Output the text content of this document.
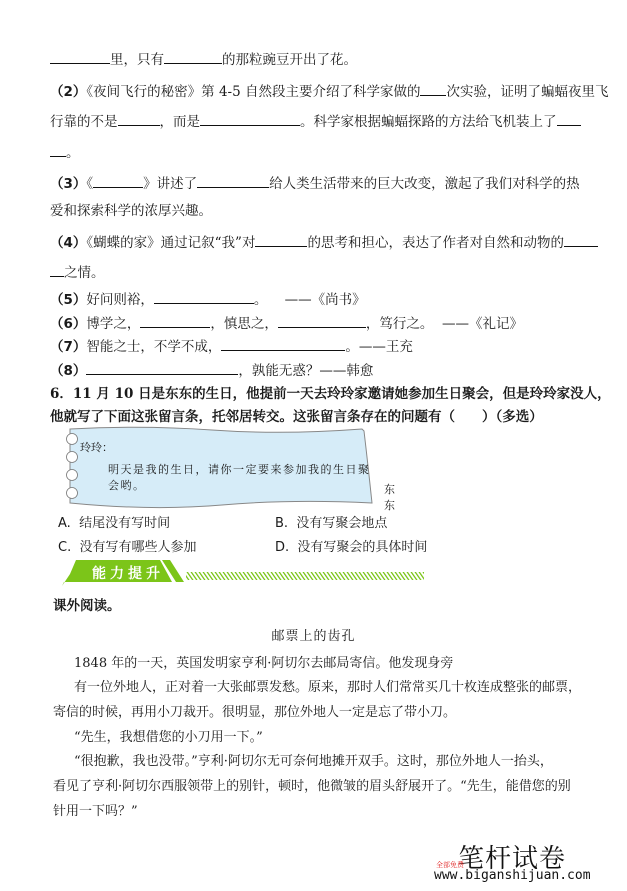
里，只有	的那粒豌豆开出了花。
（2）《夜间飞行的秘密》第 4-5 自然段主要介绍了科学家做的 次实验，证明了蝙蝠夜里飞
行靠的不是	，而是	。科学家根据蝙蝠探路的方法给飞机装上了
。
（3）《	》讲述了	给人类生活带来的巨大改变，激起了我们对科学的热
爱和探索科学的浓厚兴趣。
（4）《蝴蝶的家》通过记叙“我”对	的思考和担心，表达了作者对自然和动物的
之情。
（5）好问则裕，	。 ——《尚书》
（6）博学之，	，慎思之，	，笃行之。 ——《礼记》
（7）智能之士，不学不成，	。——王充
（8）	，孰能无惑？——韩愈
6．11 月 10 日是东东的生日，他提前一天去玲玲家邀请她参加生日聚会，但是玲玲家没人，
他就写了下面这张留言条，托邻居转交。这张留言条存在的问题有（　　）（多选）
玲玲：
明天是我的生日，请你一定要来参加我的生日聚会哟。	东东
A. 结尾没有写时间	B. 没有写聚会地点
C. 没有写有哪些人参加	D. 没有写聚会的具体时间
能力提升
课外阅读。
邮票上的齿孔
1848 年的一天，英国发明家亨利·阿切尔去邮局寄信。他发现身旁
有一位外地人，正对着一大张邮票发愁。原来，那时人们常常买几十枚连成整张的邮票，
寄信的时候，再用小刀裁开。很明显，那位外地人一定是忘了带小刀。
“先生，我想借您的小刀用一下。”
“很抱歉，我也没带。”亨利·阿切尔无可奈何地摊开双手。这时，那位外地人一抬头，
看见了亨利·阿切尔西服领带上的别针，顿时，他微皱的眉头舒展开了。“先生，能借您的别
针用一下吗？”
笔杆试卷
全部免费
www.biganshijuan.com
